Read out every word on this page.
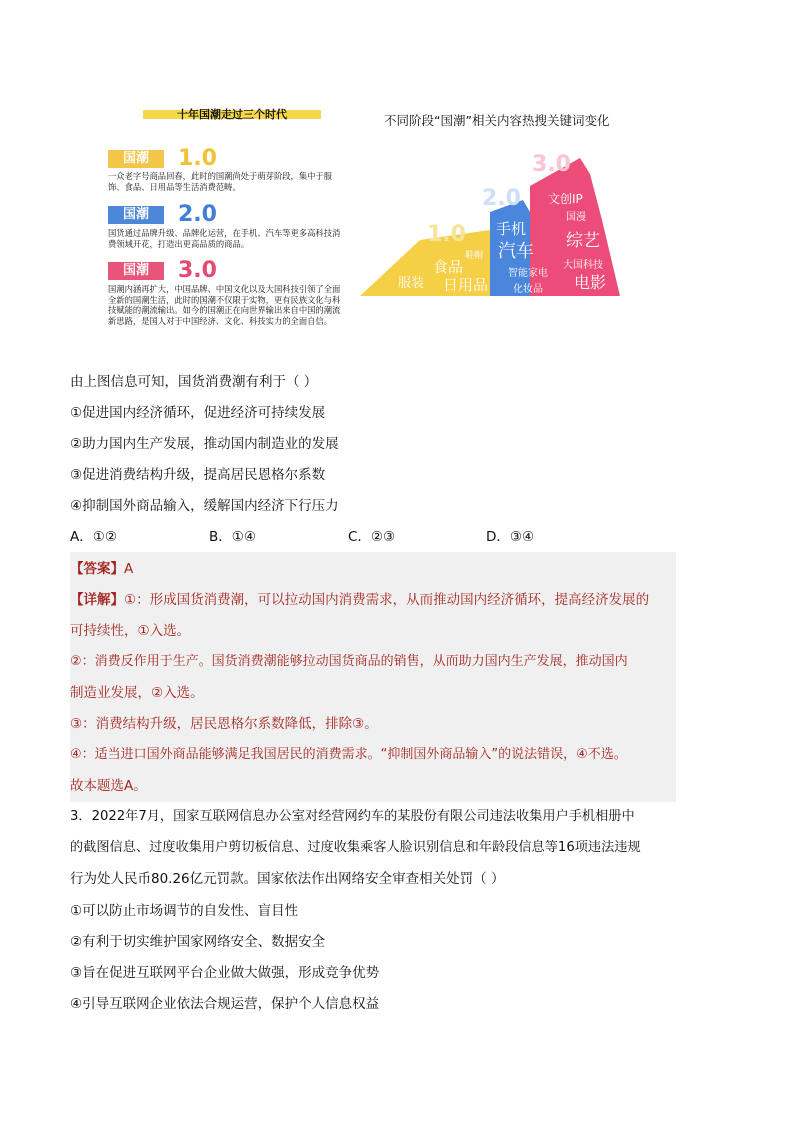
十年国潮走过三个时代
国潮	1.0
一众老字号商品回春，此时的国潮尚处于萌芽阶段，集中于服饰、食品、日用品等生活消费范畴。
国潮	2.0
国货通过品牌升级、品牌化运营，在手机、汽车等更多高科技消费领域开花，打造出更高品质的商品。
国潮	3.0
国潮内涵再扩大，中国品牌、中国文化以及大国科技引领了全面全新的国潮生活，此时的国潮不仅限于实物，更有民族文化与科技赋能的潮流输出。如今的国潮正在向世界输出来自中国的潮流新思路，是国人对于中国经济、文化、科技实力的全面自信。
不同阶段“国潮”相关内容热搜关键词变化
1.0
服装
鞋帽
食品
日用品
2.0
手机
汽车
智能家电
化妆品
3.0
文创IP
国漫
综艺
大国科技
电影
由上图信息可知，国货消费潮有利于（ ）
①促进国内经济循环，促进经济可持续发展
②助力国内生产发展，推动国内制造业的发展
③促进消费结构升级，提高居民恩格尔系数
④抑制国外商品输入，缓解国内经济下行压力
A．①②	B．①④	C．②③	D．③④
【答案】A
【详解】①：形成国货消费潮，可以拉动国内消费需求，从而推动国内经济循环，提高经济发展的
可持续性，①入选。
②：消费反作用于生产。国货消费潮能够拉动国货商品的销售，从而助力国内生产发展，推动国内
制造业发展，②入选。
③：消费结构升级，居民恩格尔系数降低，排除③。
④：适当进口国外商品能够满足我国居民的消费需求。“抑制国外商品输入”的说法错误，④不选。
故本题选A。
3．2022年7月，国家互联网信息办公室对经营网约车的某股份有限公司违法收集用户手机相册中
的截图信息、过度收集用户剪切板信息、过度收集乘客人脸识别信息和年龄段信息等16项违法违规
行为处人民币80.26亿元罚款。国家依法作出网络安全审查相关处罚（ ）
①可以防止市场调节的自发性、盲目性
②有利于切实维护国家网络安全、数据安全
③旨在促进互联网平台企业做大做强，形成竞争优势
④引导互联网企业依法合规运营，保护个人信息权益
